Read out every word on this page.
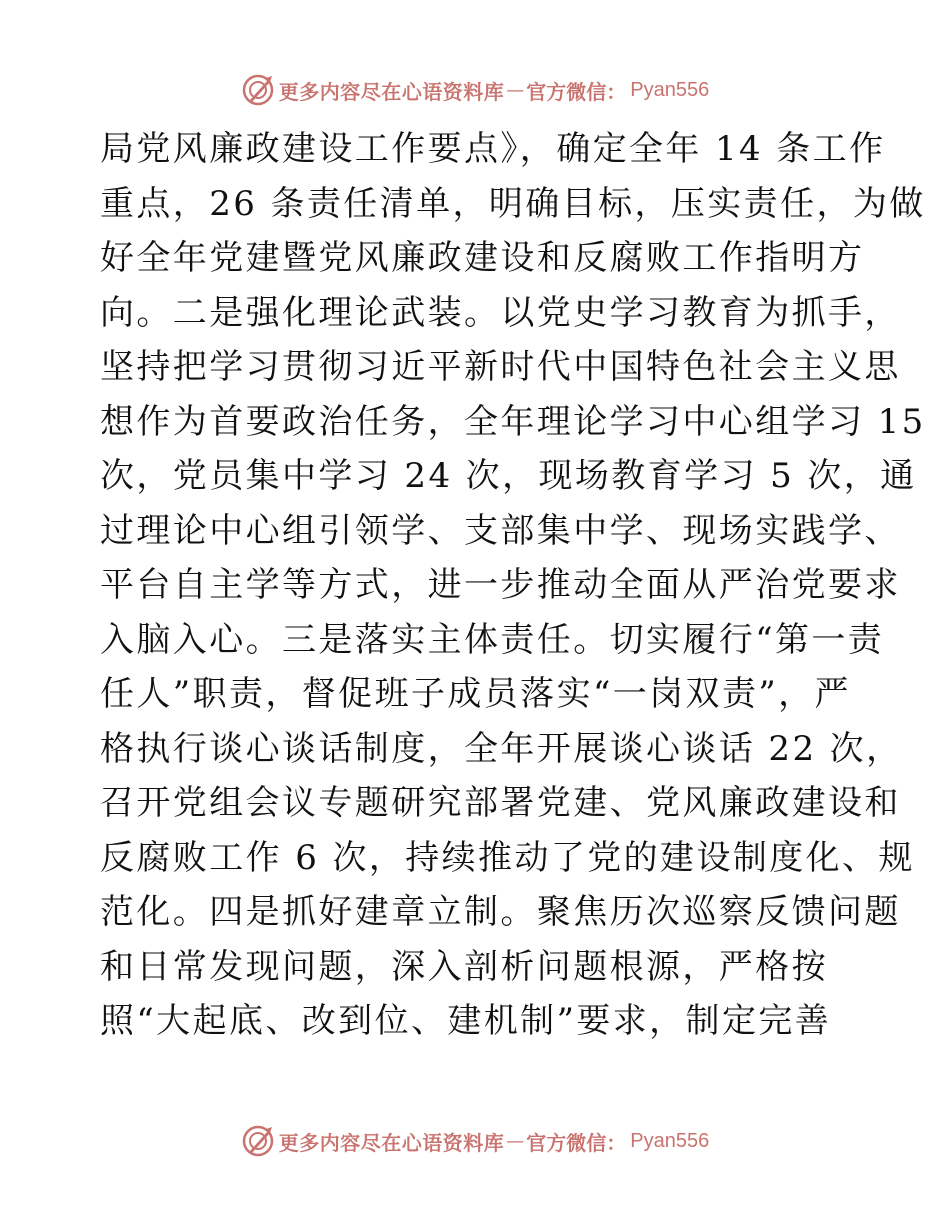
更多内容尽在心语资料库 — 官方微信： Pyan556
局党风廉政建设工作要点》，确定全年 14 条工作
重点，26 条责任清单，明确目标，压实责任，为做
好全年党建暨党风廉政建设和反腐败工作指明方
向。二是强化理论武装。以党史学习教育为抓手，
坚持把学习贯彻习近平新时代中国特色社会主义思
想作为首要政治任务，全年理论学习中心组学习 15
次，党员集中学习 24 次，现场教育学习 5 次，通
过理论中心组引领学、支部集中学、现场实践学、
平台自主学等方式，进一步推动全面从严治党要求
入脑入心。三是落实主体责任。切实履行“第一责
任人”职责，督促班子成员落实“一岗双责”，严
格执行谈心谈话制度，全年开展谈心谈话 22 次，
召开党组会议专题研究部署党建、党风廉政建设和
反腐败工作 6 次，持续推动了党的建设制度化、规
范化。四是抓好建章立制。聚焦历次巡察反馈问题
和日常发现问题，深入剖析问题根源，严格按
照“大起底、改到位、建机制”要求，制定完善
更多内容尽在心语资料库 — 官方微信： Pyan556
